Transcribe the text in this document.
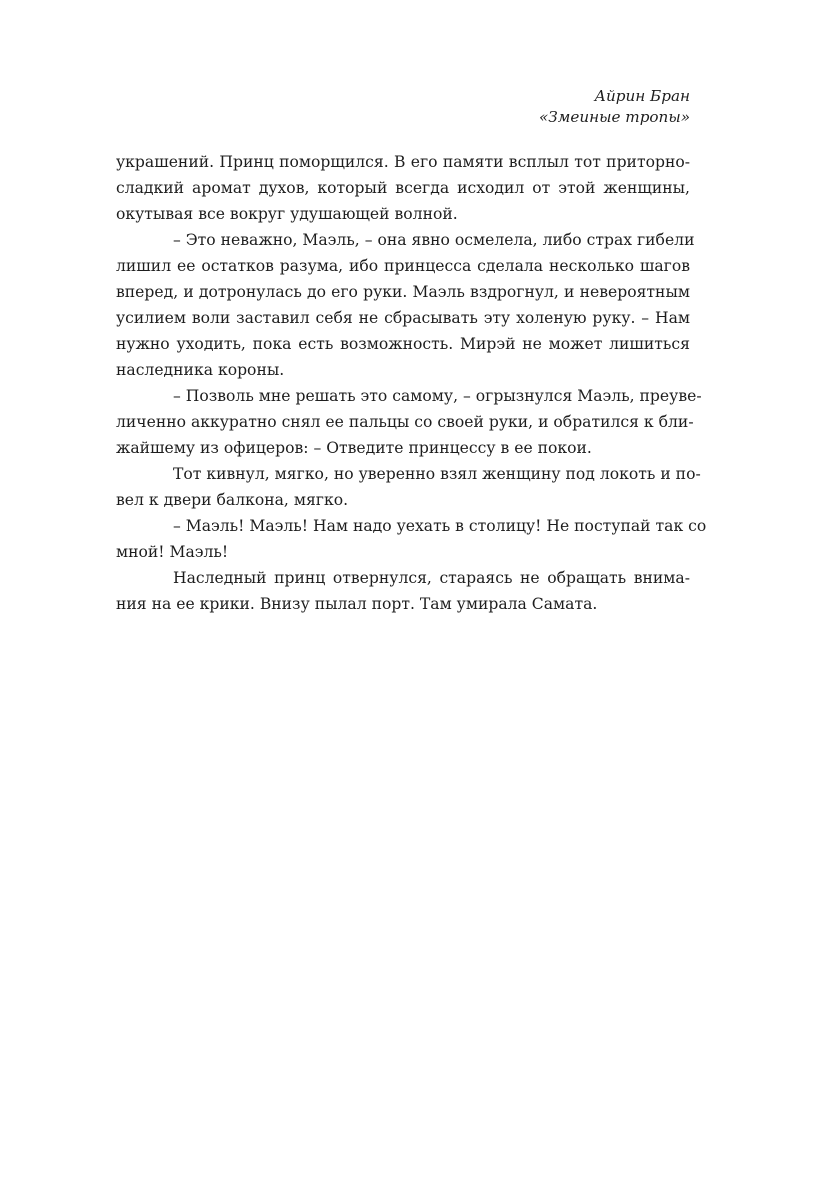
Айрин Бран
«Змеиные тропы»
украшений. Принц поморщился. В его памяти всплыл тот приторно-
сладкий аромат духов, который всегда исходил от этой женщины,
окутывая все вокруг удушающей волной.
– Это неважно, Маэль, – она явно осмелела, либо страх гибели
лишил ее остатков разума, ибо принцесса сделала несколько шагов
вперед, и дотронулась до его руки. Маэль вздрогнул, и невероятным
усилием воли заставил себя не сбрасывать эту холеную руку. – Нам
нужно уходить, пока есть возможность. Мирэй не может лишиться
наследника короны.
– Позволь мне решать это самому, – огрызнулся Маэль, преуве-
личенно аккуратно снял ее пальцы со своей руки, и обратился к бли-
жайшему из офицеров: – Отведите принцессу в ее покои.
Тот кивнул, мягко, но уверенно взял женщину под локоть и по-
вел к двери балкона, мягко.
– Маэль! Маэль! Нам надо уехать в столицу! Не поступай так со
мной! Маэль!
Наследный принц отвернулся, стараясь не обращать внима-
ния на ее крики. Внизу пылал порт. Там умирала Самата.
